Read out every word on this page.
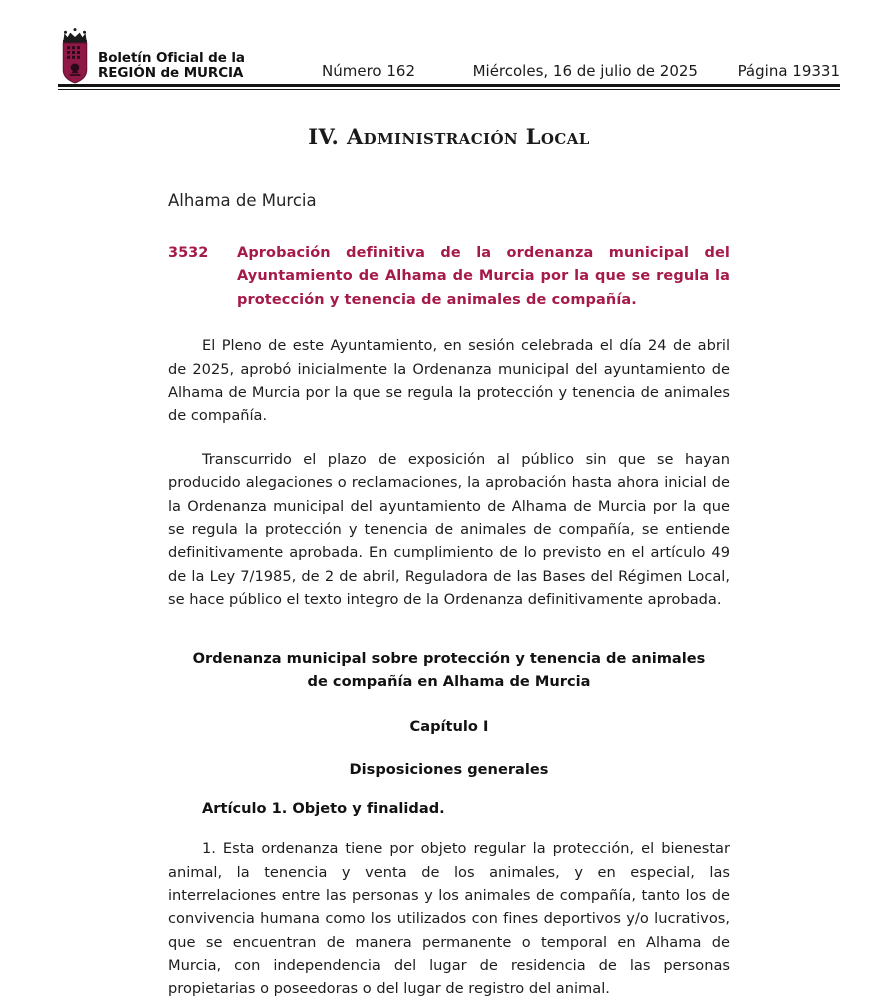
Boletín Oficial de la
REGIÓN de MURCIA	Número 162	Miércoles, 16 de julio de 2025	Página 19331
IV. Administración Local
Alhama de Murcia
3532	Aprobación definitiva de la ordenanza municipal del Ayuntamiento de Alhama de Murcia por la que se regula la protección y tenencia de animales de compañía.

El Pleno de este Ayuntamiento, en sesión celebrada el día 24 de abril de 2025, aprobó inicialmente la Ordenanza municipal del ayuntamiento de Alhama de Murcia por la que se regula la protección y tenencia de animales de compañía.

Transcurrido el plazo de exposición al público sin que se hayan producido alegaciones o reclamaciones, la aprobación hasta ahora inicial de la Ordenanza municipal del ayuntamiento de Alhama de Murcia por la que se regula la protección y tenencia de animales de compañía, se entiende definitivamente aprobada. En cumplimiento de lo previsto en el artículo 49 de la Ley 7/1985, de 2 de abril, Reguladora de las Bases del Régimen Local, se hace público el texto integro de la Ordenanza definitivamente aprobada.

Ordenanza municipal sobre protección y tenencia de animales de compañía en Alhama de Murcia
Capítulo I
Disposiciones generales
Artículo 1. Objeto y finalidad.

1. Esta ordenanza tiene por objeto regular la protección, el bienestar animal, la tenencia y venta de los animales, y en especial, las interrelaciones entre las personas y los animales de compañía, tanto los de convivencia humana como los utilizados con fines deportivos y/o lucrativos, que se encuentran de manera permanente o temporal en Alhama de Murcia, con independencia del lugar de residencia de las personas propietarias o poseedoras o del lugar de registro del animal.
